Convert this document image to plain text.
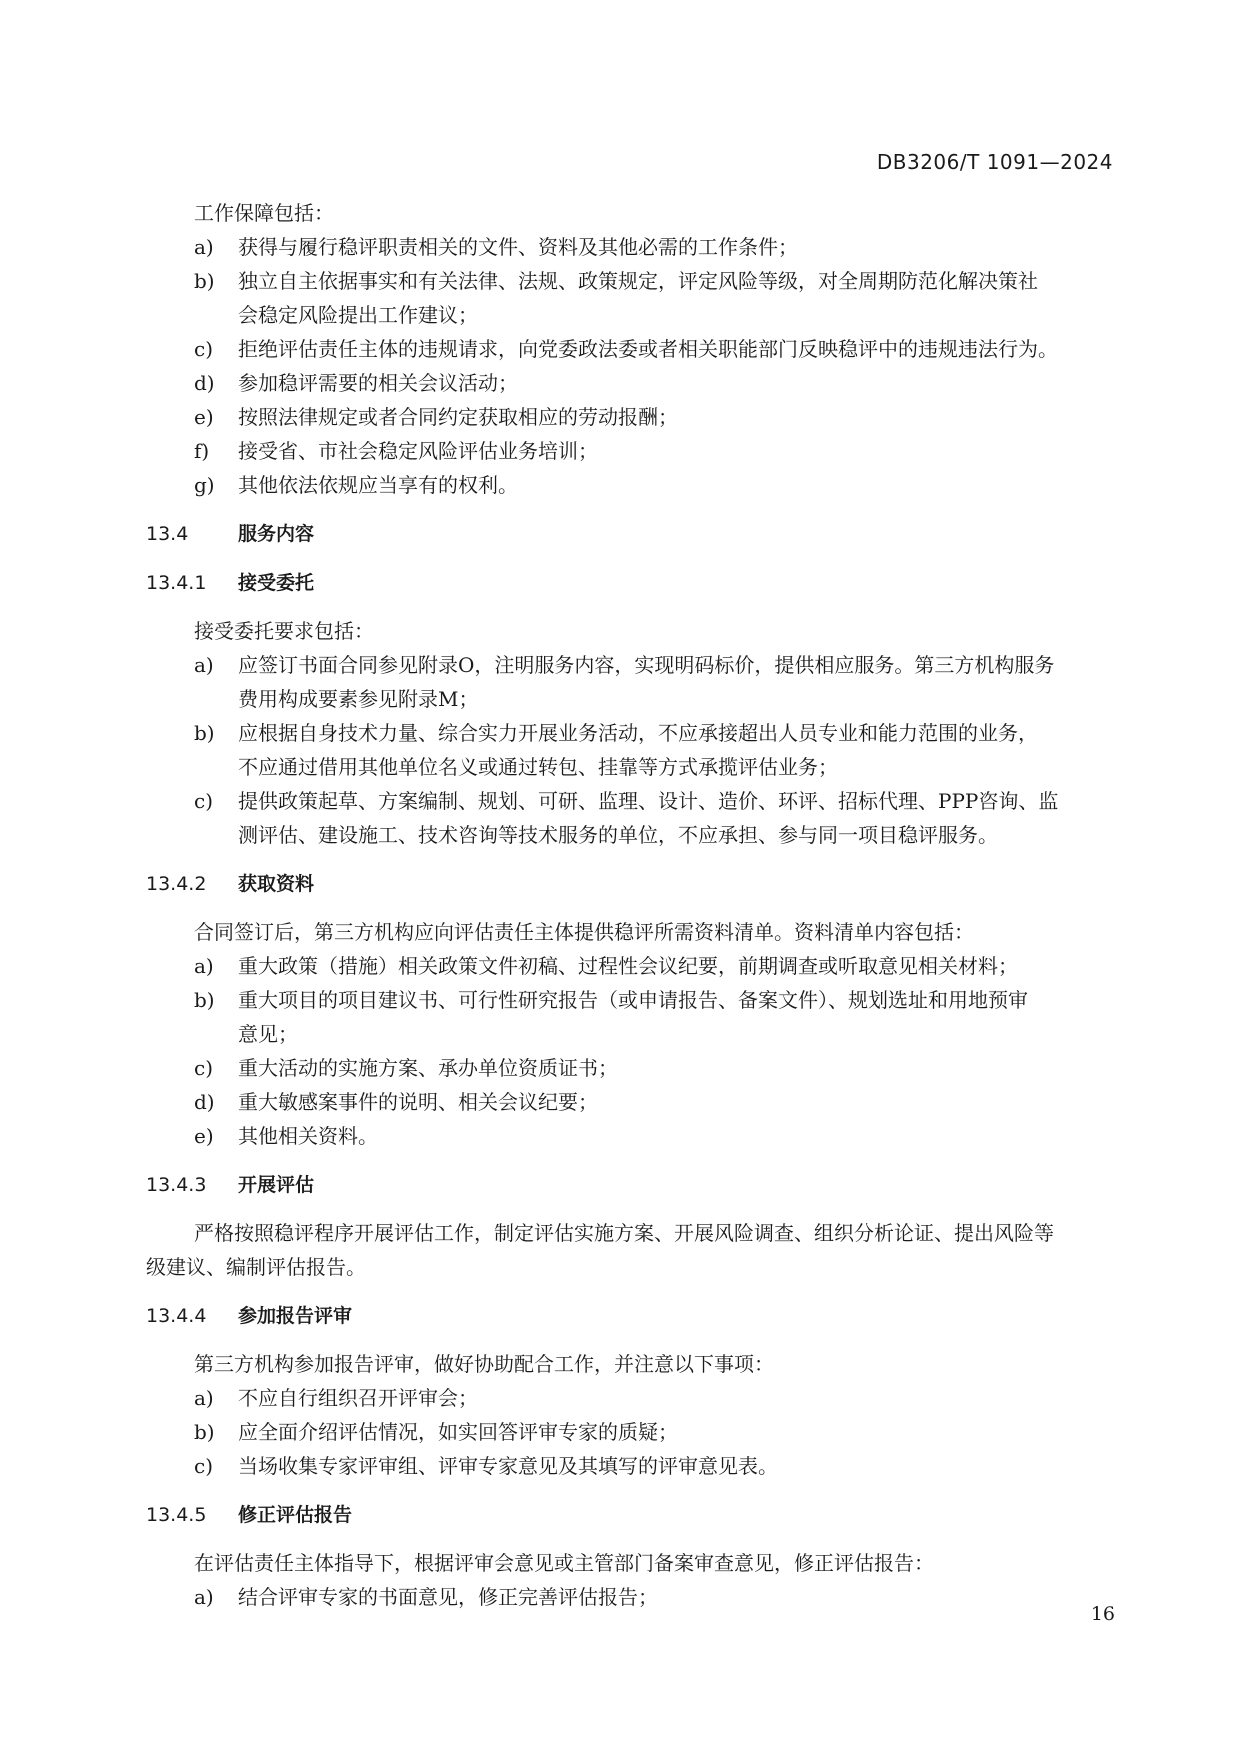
DB3206/T 1091—2024
工作保障包括：
a)	获得与履行稳评职责相关的文件、资料及其他必需的工作条件；
b)	独立自主依据事实和有关法律、法规、政策规定，评定风险等级，对全周期防范化解决策社
会稳定风险提出工作建议；
c)	拒绝评估责任主体的违规请求，向党委政法委或者相关职能部门反映稳评中的违规违法行为。
d)	参加稳评需要的相关会议活动；
e)	按照法律规定或者合同约定获取相应的劳动报酬；
f)	接受省、市社会稳定风险评估业务培训；
g)	其他依法依规应当享有的权利。
13.4	服务内容
13.4.1	接受委托
接受委托要求包括：
a)	应签订书面合同参见附录O，注明服务内容，实现明码标价，提供相应服务。第三方机构服务
费用构成要素参见附录M；
b)	应根据自身技术力量、综合实力开展业务活动，不应承接超出人员专业和能力范围的业务，
不应通过借用其他单位名义或通过转包、挂靠等方式承揽评估业务；
c)	提供政策起草、方案编制、规划、可研、监理、设计、造价、环评、招标代理、PPP咨询、监
测评估、建设施工、技术咨询等技术服务的单位，不应承担、参与同一项目稳评服务。
13.4.2	获取资料
合同签订后，第三方机构应向评估责任主体提供稳评所需资料清单。资料清单内容包括：
a)	重大政策（措施）相关政策文件初稿、过程性会议纪要，前期调查或听取意见相关材料；
b)	重大项目的项目建议书、可行性研究报告（或申请报告、备案文件）、规划选址和用地预审
意见；
c)	重大活动的实施方案、承办单位资质证书；
d)	重大敏感案事件的说明、相关会议纪要；
e)	其他相关资料。
13.4.3	开展评估
严格按照稳评程序开展评估工作，制定评估实施方案、开展风险调查、组织分析论证、提出风险等
级建议、编制评估报告。
13.4.4	参加报告评审
第三方机构参加报告评审，做好协助配合工作，并注意以下事项：
a)	不应自行组织召开评审会；
b)	应全面介绍评估情况，如实回答评审专家的质疑；
c)	当场收集专家评审组、评审专家意见及其填写的评审意见表。
13.4.5	修正评估报告
在评估责任主体指导下，根据评审会意见或主管部门备案审查意见，修正评估报告：
a)	结合评审专家的书面意见，修正完善评估报告；
16
